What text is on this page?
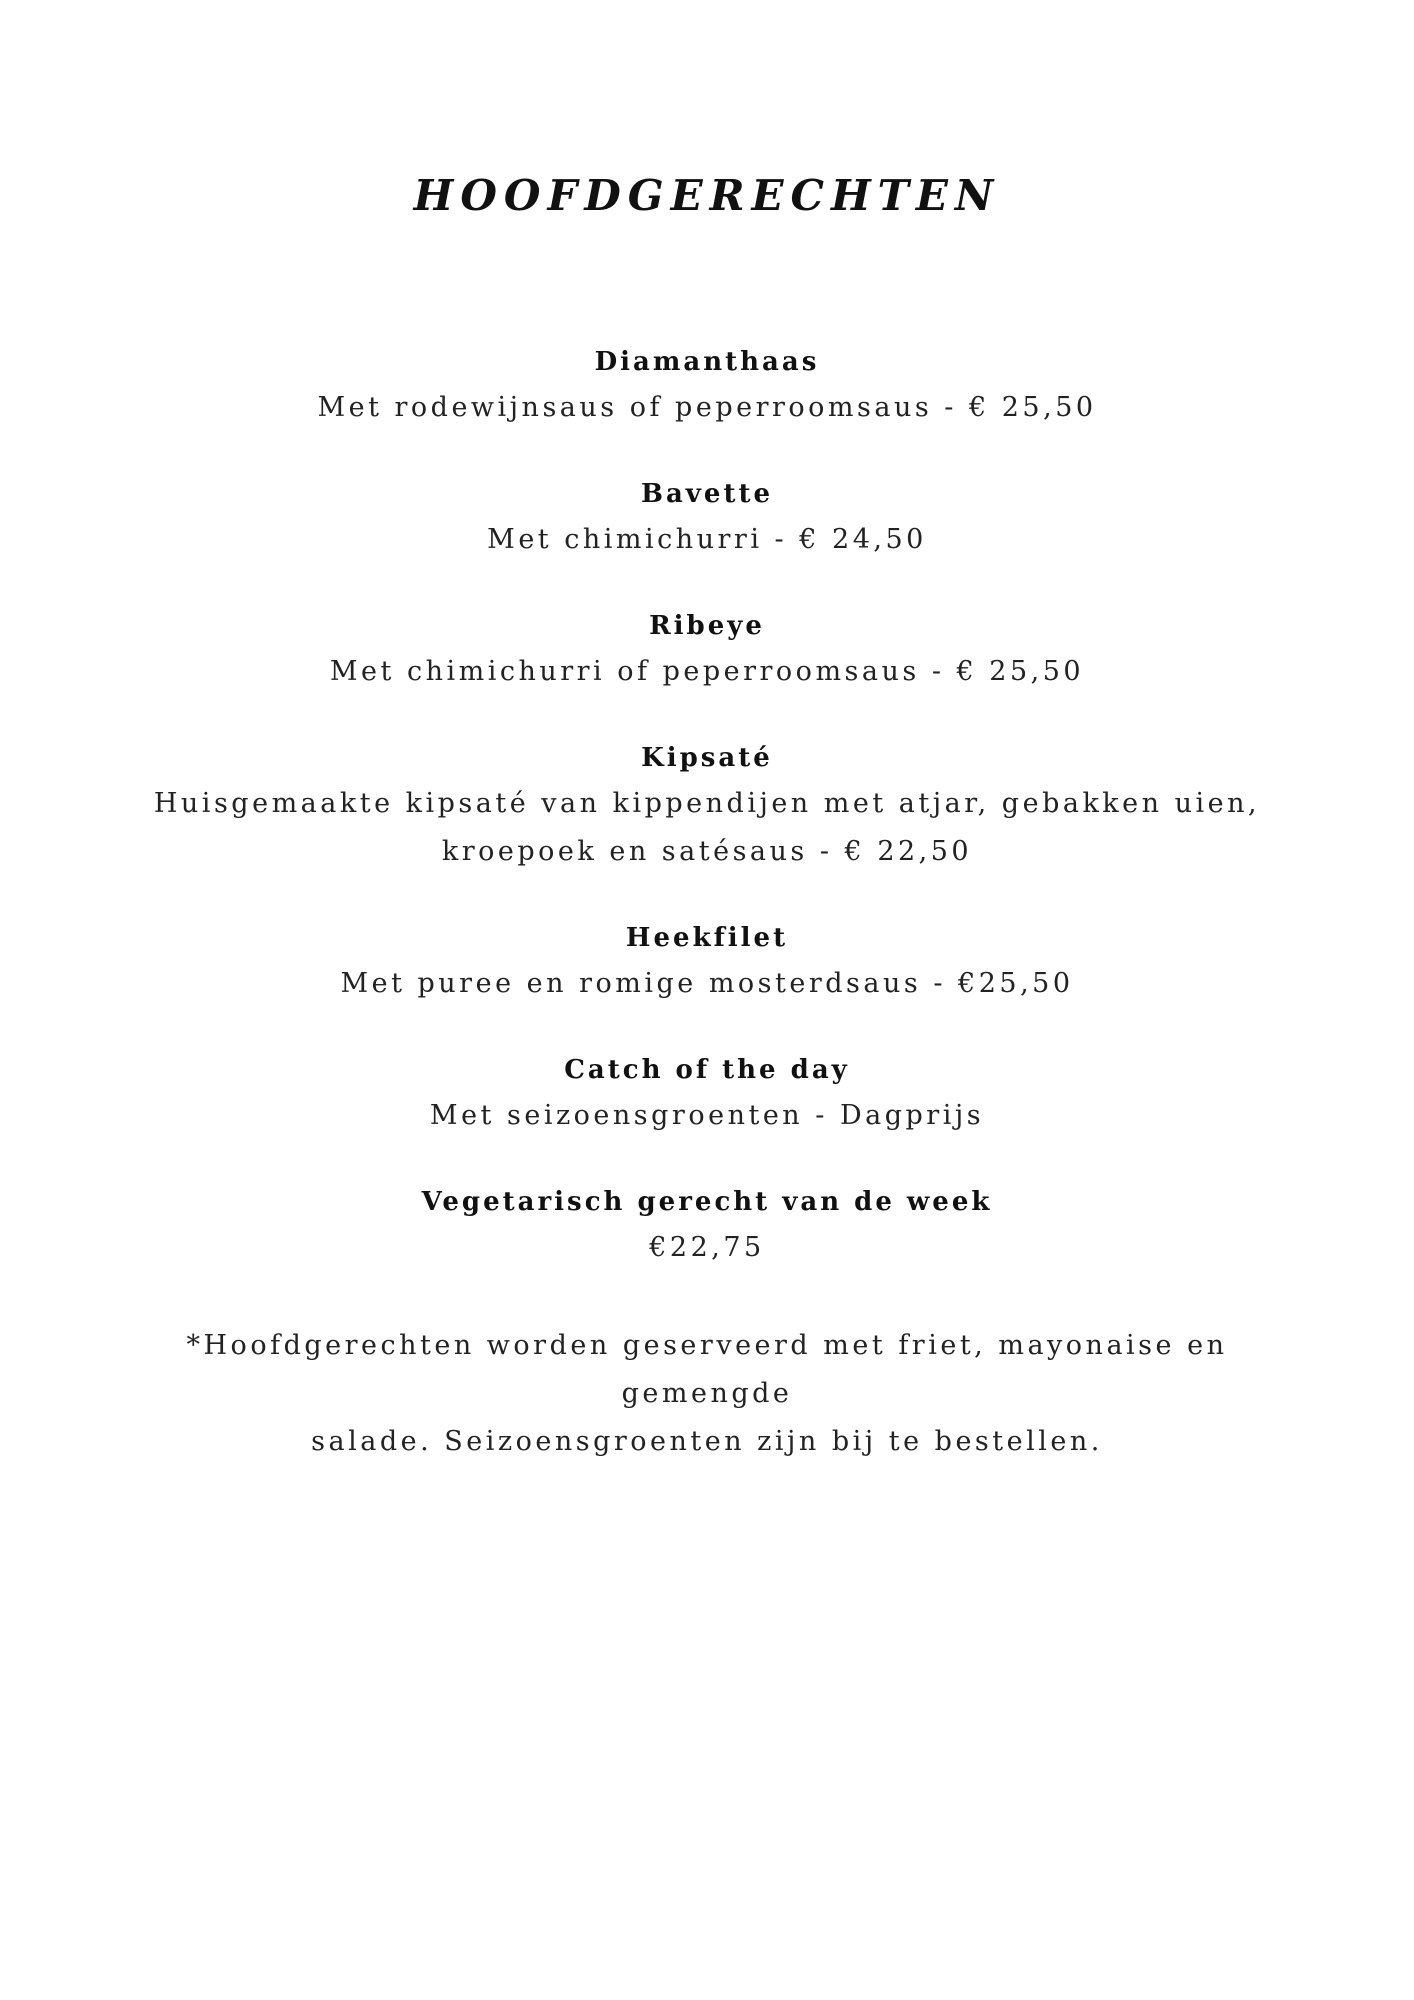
HOOFDGERECHTEN

Diamanthaas

Met rodewijnsaus of peperroomsaus - € 25,50

Bavette

Met chimichurri - € 24,50

Ribeye

Met chimichurri of peperroomsaus - € 25,50

Kipsaté

Huisgemaakte kipsaté van kippendijen met atjar, gebakken uien,
kroepoek en satésaus - € 22,50

Heekfilet

Met puree en romige mosterdsaus - €25,50

Catch of the day

Met seizoensgroenten - Dagprijs

Vegetarisch gerecht van de week

€22,75

*Hoofdgerechten worden geserveerd met friet, mayonaise en gemengde
salade. Seizoensgroenten zijn bij te bestellen.
